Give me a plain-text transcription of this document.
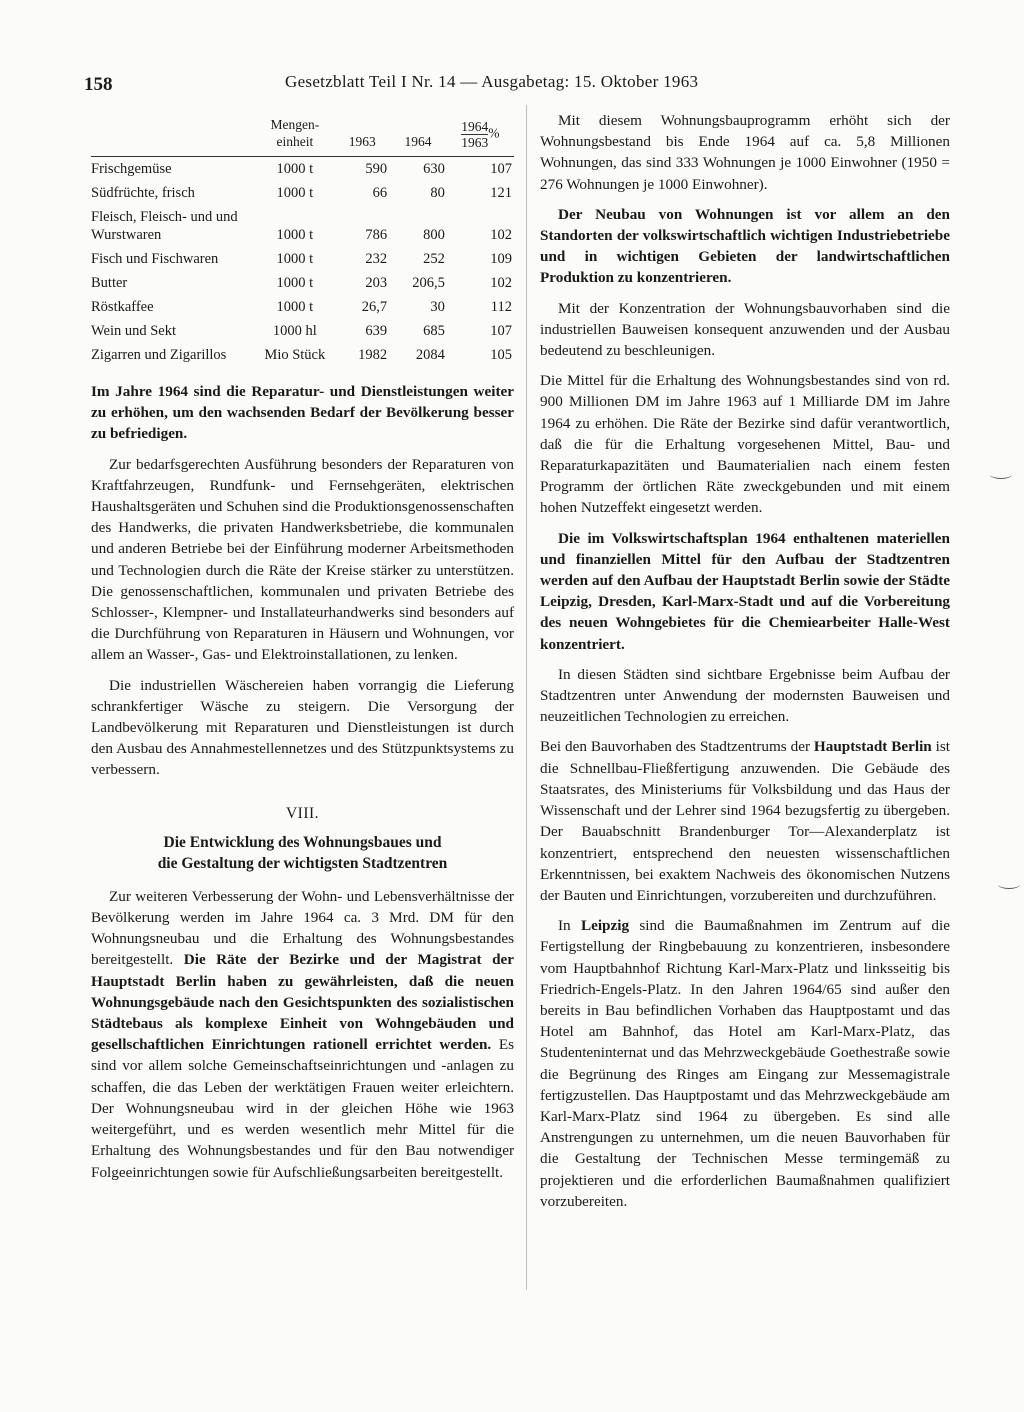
158	Gesetzblatt Teil I Nr. 14 — Ausgabetag: 15. Oktober 1963
	Mengen-einheit	1963	1964	$\frac{1964}{1963}$ %
Frischgemüse	1000 t	590	630	107
Südfrüchte, frisch	1000 t	66	80	121
Fleisch, Fleisch- und und Wurstwaren	1000 t	786	800	102
Fisch und Fischwaren	1000 t	232	252	109
Butter	1000 t	203	206,5	102
Röstkaffee	1000 t	26,7	30	112
Wein und Sekt	1000 hl	639	685	107
Zigarren und Zigarillos	Mio Stück	1982	2084	105

Im Jahre 1964 sind die Reparatur- und Dienstleistungen weiter zu erhöhen, um den wachsenden Bedarf der Bevölkerung besser zu befriedigen.

Zur bedarfsgerechten Ausführung besonders der Reparaturen von Kraftfahrzeugen, Rundfunk- und Fernsehgeräten, elektrischen Haushaltsgeräten und Schuhen sind die Produktionsgenossenschaften des Handwerks, die privaten Handwerksbetriebe, die kommunalen und anderen Betriebe bei der Einführung moderner Arbeitsmethoden und Technologien durch die Räte der Kreise stärker zu unterstützen. Die genossenschaftlichen, kommunalen und privaten Betriebe des Schlosser-, Klempner- und Installateurhandwerks sind besonders auf die Durchführung von Reparaturen in Häusern und Wohnungen, vor allem an Wasser-, Gas- und Elektroinstallationen, zu lenken.

Die industriellen Wäschereien haben vorrangig die Lieferung schrankfertiger Wäsche zu steigern. Die Versorgung der Landbevölkerung mit Reparaturen und Dienstleistungen ist durch den Ausbau des Annahmestellennetzes und des Stützpunktsystems zu verbessern.

VIII.
Die Entwicklung des Wohnungsbaues und
die Gestaltung der wichtigsten Stadtzentren

Zur weiteren Verbesserung der Wohn- und Lebensverhältnisse der Bevölkerung werden im Jahre 1964 ca. 3 Mrd. DM für den Wohnungsneubau und die Erhaltung des Wohnungsbestandes bereitgestellt. Die Räte der Bezirke und der Magistrat der Hauptstadt Berlin haben zu gewährleisten, daß die neuen Wohnungsgebäude nach den Gesichtspunkten des sozialistischen Städtebaus als komplexe Einheit von Wohngebäuden und gesellschaftlichen Einrichtungen rationell errichtet werden. Es sind vor allem solche Gemeinschaftseinrichtungen und -anlagen zu schaffen, die das Leben der werktätigen Frauen weiter erleichtern. Der Wohnungsneubau wird in der gleichen Höhe wie 1963 weitergeführt, und es werden wesentlich mehr Mittel für die Erhaltung des Wohnungsbestandes und für den Bau notwendiger Folgeeinrichtungen sowie für Aufschließungsarbeiten bereitgestellt.

Mit diesem Wohnungsbauprogramm erhöht sich der Wohnungsbestand bis Ende 1964 auf ca. 5,8 Millionen Wohnungen, das sind 333 Wohnungen je 1000 Einwohner (1950 = 276 Wohnungen je 1000 Einwohner).

Der Neubau von Wohnungen ist vor allem an den Standorten der volkswirtschaftlich wichtigen Industriebetriebe und in wichtigen Gebieten der landwirtschaftlichen Produktion zu konzentrieren.

Mit der Konzentration der Wohnungsbauvorhaben sind die industriellen Bauweisen konsequent anzuwenden und der Ausbau bedeutend zu beschleunigen.

Die Mittel für die Erhaltung des Wohnungsbestandes sind von rd. 900 Millionen DM im Jahre 1963 auf 1 Milliarde DM im Jahre 1964 zu erhöhen. Die Räte der Bezirke sind dafür verantwortlich, daß die für die Erhaltung vorgesehenen Mittel, Bau- und Reparaturkapazitäten und Baumaterialien nach einem festen Programm der örtlichen Räte zweckgebunden und mit einem hohen Nutzeffekt eingesetzt werden.

Die im Volkswirtschaftsplan 1964 enthaltenen materiellen und finanziellen Mittel für den Aufbau der Stadtzentren werden auf den Aufbau der Hauptstadt Berlin sowie der Städte Leipzig, Dresden, Karl-Marx-Stadt und auf die Vorbereitung des neuen Wohngebietes für die Chemiearbeiter Halle-West konzentriert.

In diesen Städten sind sichtbare Ergebnisse beim Aufbau der Stadtzentren unter Anwendung der modernsten Bauweisen und neuzeitlichen Technologien zu erreichen.

Bei den Bauvorhaben des Stadtzentrums der Hauptstadt Berlin ist die Schnellbau-Fließfertigung anzuwenden. Die Gebäude des Staatsrates, des Ministeriums für Volksbildung und das Haus der Wissenschaft und der Lehrer sind 1964 bezugsfertig zu übergeben. Der Bauabschnitt Brandenburger Tor—Alexanderplatz ist konzentriert, entsprechend den neuesten wissenschaftlichen Erkenntnissen, bei exaktem Nachweis des ökonomischen Nutzens der Bauten und Einrichtungen, vorzubereiten und durchzuführen.

In Leipzig sind die Baumaßnahmen im Zentrum auf die Fertigstellung der Ringbebauung zu konzentrieren, insbesondere vom Hauptbahnhof Richtung Karl-Marx-Platz und linksseitig bis Friedrich-Engels-Platz. In den Jahren 1964/65 sind außer den bereits in Bau befindlichen Vorhaben das Hauptpostamt und das Hotel am Bahnhof, das Hotel am Karl-Marx-Platz, das Studenteninternat und das Mehrzweckgebäude Goethestraße sowie die Begrünung des Ringes am Eingang zur Messemagistrale fertigzustellen. Das Hauptpostamt und das Mehrzweckgebäude am Karl-Marx-Platz sind 1964 zu übergeben. Es sind alle Anstrengungen zu unternehmen, um die neuen Bauvorhaben für die Gestaltung der Technischen Messe termingemäß zu projektieren und die erforderlichen Baumaßnahmen qualifiziert vorzubereiten.
